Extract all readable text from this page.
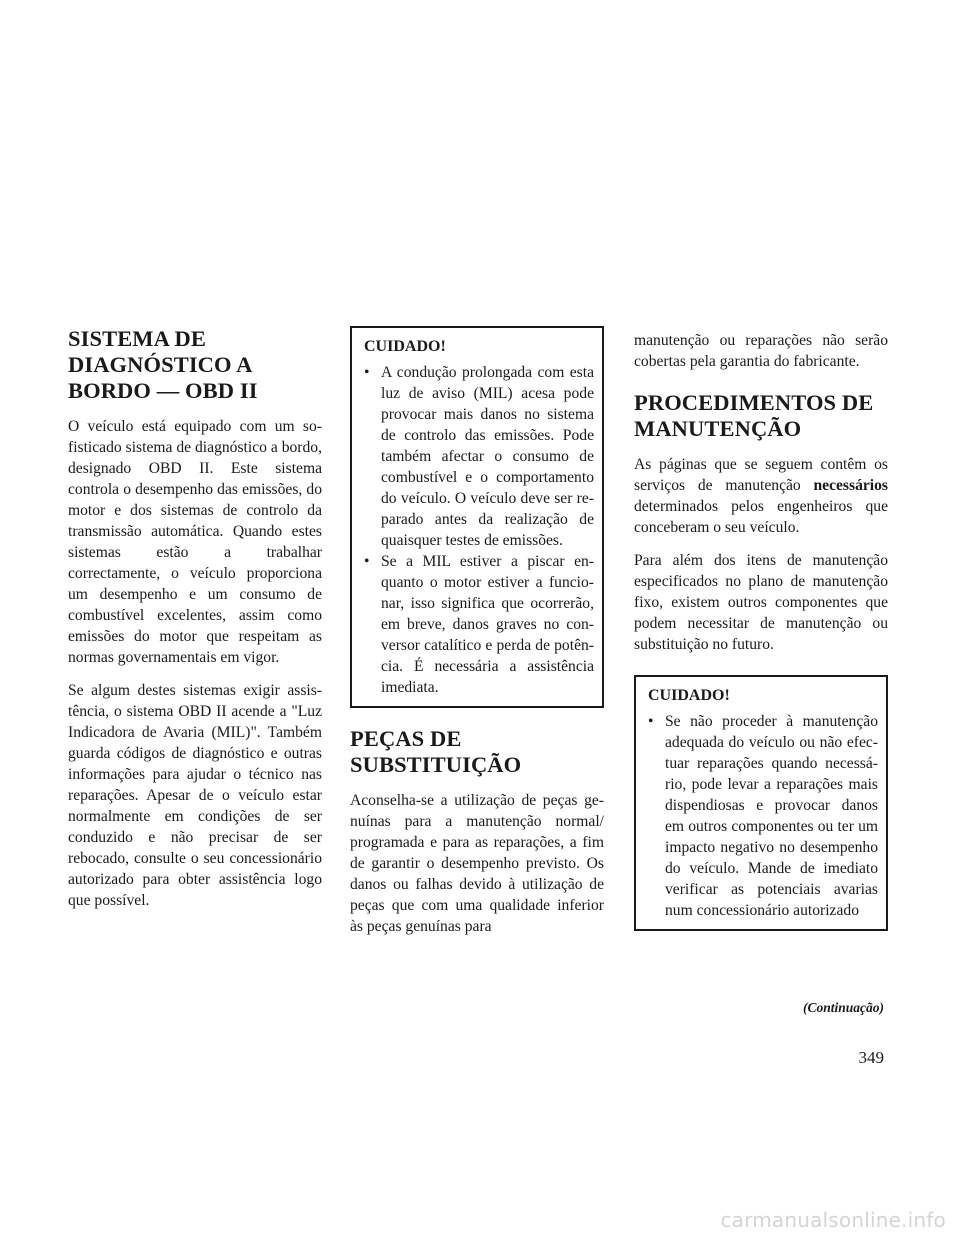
SISTEMA DE DIAGNÓSTICO A BORDO — OBD II

O veículo está equipado com um sofisticado sistema de diagnóstico a bordo, designado OBD II. Este sistema controla o desempenho das emissões, do motor e dos sistemas de controlo da transmissão automática. Quando estes sistemas estão a trabalhar correctamente, o veículo proporciona um desempenho e um consumo de combustível excelentes, assim como emissões do motor que respeitam as normas governamentais em vigor.

Se algum destes sistemas exigir assistência, o sistema OBD II acende a "Luz Indicadora de Avaria (MIL)". Também guarda códigos de diagnóstico e outras informações para ajudar o técnico nas reparações. Apesar de o veículo estar normalmente em condições de ser conduzido e não precisar de ser rebocado, consulte o seu concessionário autorizado para obter assistência logo que possível.

CUIDADO!
• A condução prolongada com esta luz de aviso (MIL) acesa pode provocar mais danos no sistema de controlo das emissões. Pode também afectar o consumo de combustível e o comportamento do veículo. O veículo deve ser reparado antes da realização de quaisquer testes de emissões.
• Se a MIL estiver a piscar enquanto o motor estiver a funcionar, isso significa que ocorrerão, em breve, danos graves no conversor catalítico e perda de potência. É necessária a assistência imediata.
PEÇAS DE SUBSTITUIÇÃO

Aconselha-se a utilização de peças genuínas para a manutenção normal/ programada e para as reparações, a fim de garantir o desempenho previsto. Os danos ou falhas devido à utilização de peças que com uma qualidade inferior às peças genuínas para

manutenção ou reparações não serão cobertas pela garantia do fabricante.

PROCEDIMENTOS DE MANUTENÇÃO

As páginas que se seguem contêm os serviços de manutenção necessários determinados pelos engenheiros que conceberam o seu veículo.

Para além dos itens de manutenção especificados no plano de manutenção fixo, existem outros componentes que podem necessitar de manutenção ou substituição no futuro.

CUIDADO!
• Se não proceder à manutenção adequada do veículo ou não efectuar reparações quando necessário, pode levar a reparações mais dispendiosas e provocar danos em outros componentes ou ter um impacto negativo no desempenho do veículo. Mande de imediato verificar as potenciais avarias num concessionário autorizado
(Continuação)
349
carmanualsonline.info
